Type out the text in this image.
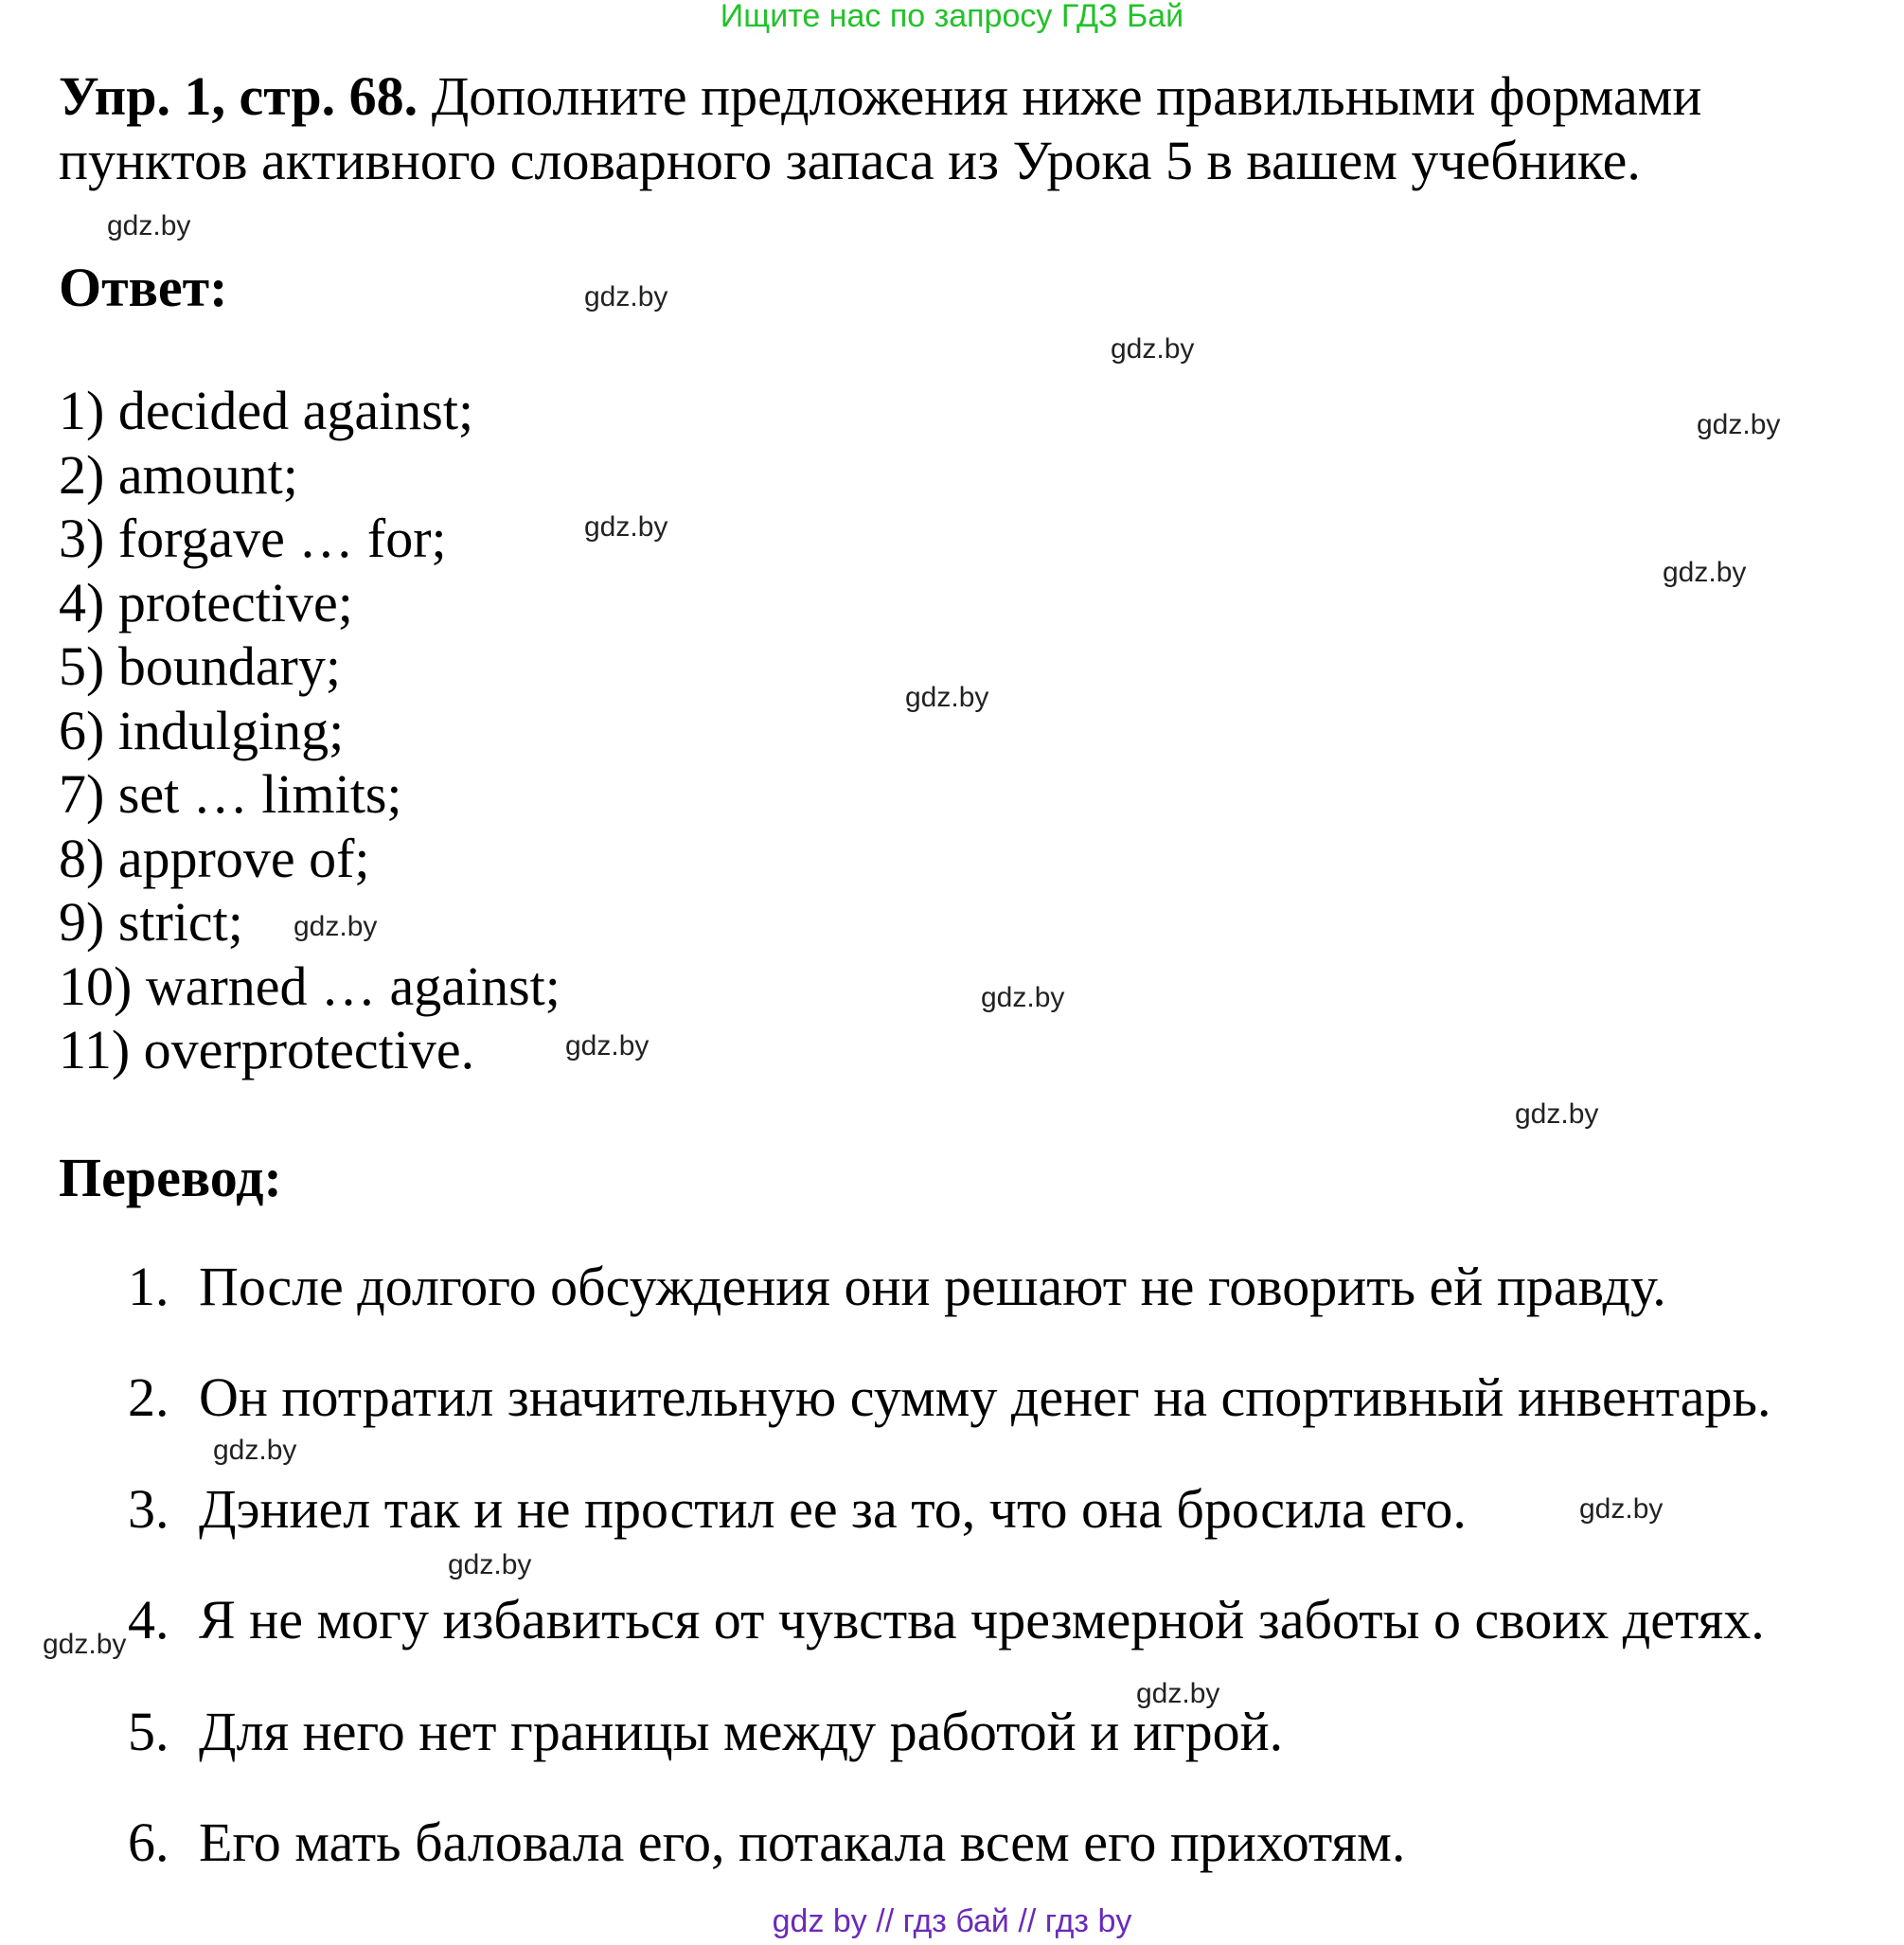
Ищите нас по запросу ГДЗ Бай
Упр. 1, стр. 68. Дополните предложения ниже правильными формами пунктов активного словарного запаса из Урока 5 в вашем учебнике.
Ответ:
1) decided against;
2) amount;
3) forgave … for;
4) protective;
5) boundary;
6) indulging;
7) set … limits;
8) approve of;
9) strict;
10) warned … against;
11) overprotective.
Перевод:
1. После долгого обсуждения они решают не говорить ей правду.
2. Он потратил значительную сумму денег на спортивный инвентарь.
3. Дэниел так и не простил ее за то, что она бросила его.
4. Я не могу избавиться от чувства чрезмерной заботы о своих детях.
5. Для него нет границы между работой и игрой.
6. Его мать баловала его, потакала всем его прихотям.
gdz.by
gdz.by
gdz.by
gdz.by
gdz.by
gdz.by
gdz.by
gdz.by
gdz.by
gdz.by
gdz.by
gdz.by
gdz.by
gdz.by
gdz.by
gdz.by
gdz by // гдз бай // гдз by
